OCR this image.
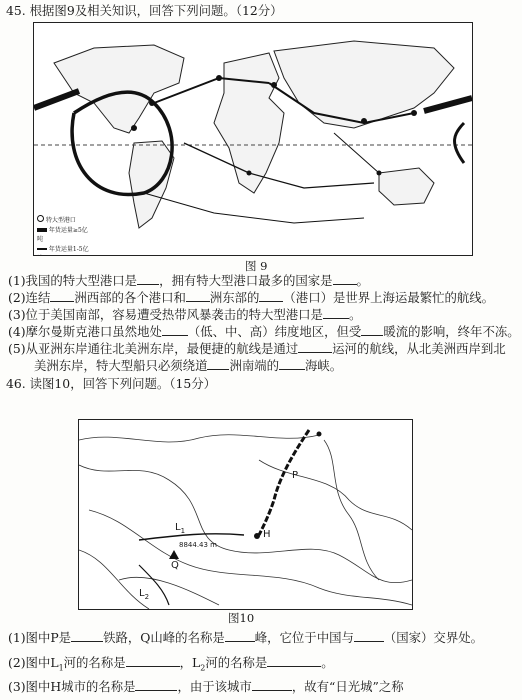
45. 根据图9及相关知识，回答下列问题。（12分）
特大型港口
年货运量≥5亿吨
年货运量1-5亿
图 9
(1)我国的特大型港口是 ，拥有特大型港口最多的国家是 。
(2)连结 洲西部的各个港口和 洲东部的 （港口）是世界上海运最繁忙的航线。
(3)位于美国南部，容易遭受热带风暴袭击的特大型港口是 。
(4)摩尔曼斯克港口虽然地处 （低、中、高）纬度地区，但受 暖流的影响，终年不冻。
(5)从亚洲东岸通往北美洲东岸，最便捷的航线是通过	运河的航线，从北美洲西岸到北
美洲东岸，特大型船只必须绕道 洲南端的 海峡。
46. 读图10，回答下列问题。（15分）
P
$L_1$	H
8844.43 m
Q
$L_2$
图10
(1)图中P是	铁路，Q山峰的名称是 峰，它位于中国与 （国家）交界处。
(2)图中$L_1$河的名称是	，$L_2$河的名称是	。
(3)图中H城市的名称是	，由于该城市	，故有“日光城”之称
